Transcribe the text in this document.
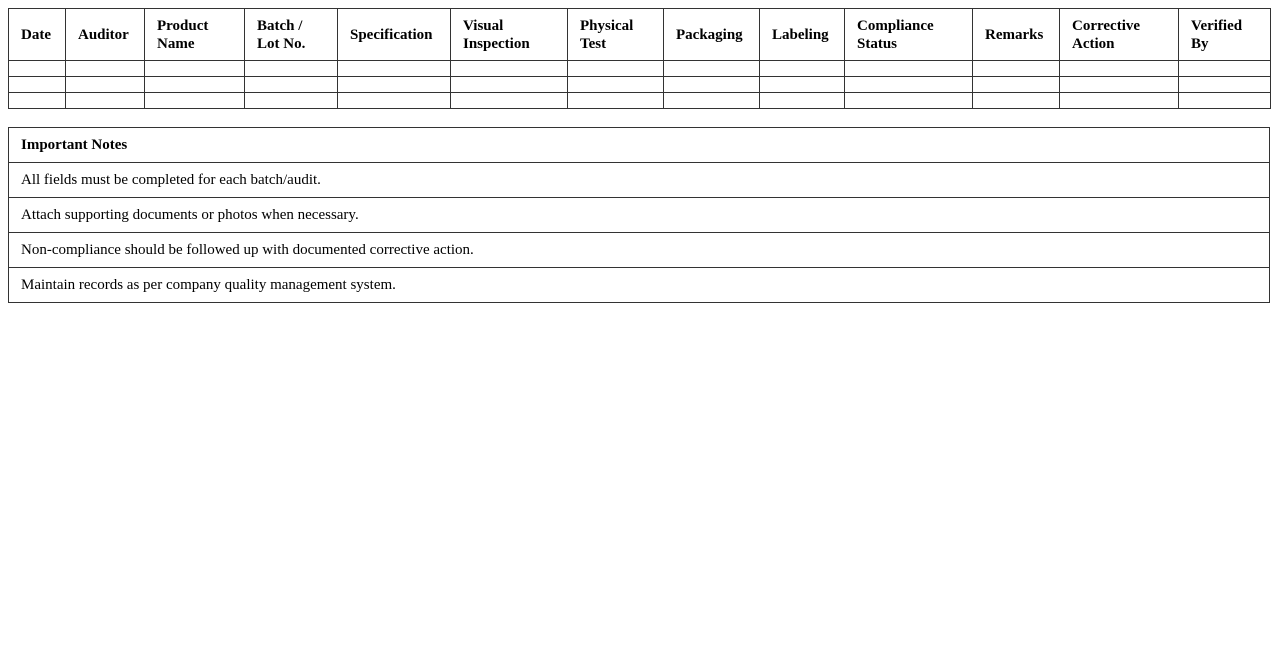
Date	Auditor	Product Name	Batch / Lot No.	Specification	Visual Inspection	Physical Test	Packaging	Labeling	Compliance Status	Remarks	Corrective Action	Verified By

Important Notes
All fields must be completed for each batch/audit.
Attach supporting documents or photos when necessary.
Non-compliance should be followed up with documented corrective action.
Maintain records as per company quality management system.
